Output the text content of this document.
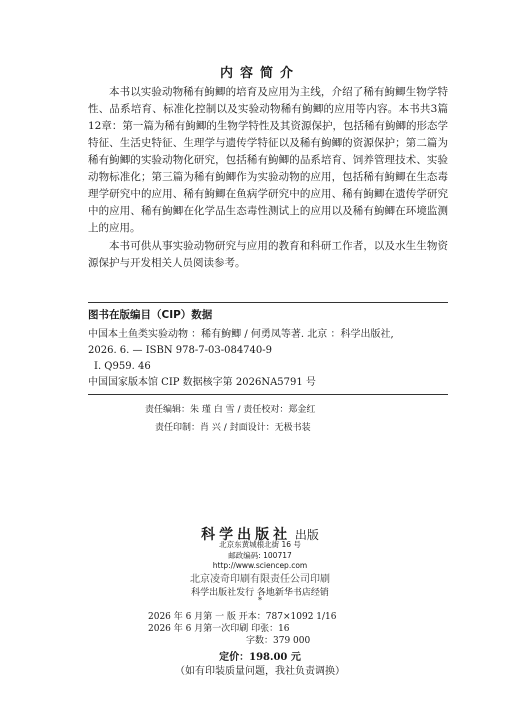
内容简介

本书以实验动物稀有鮈鲫的培育及应用为主线，介绍了稀有鮈鲫生物学特性、品系培育、标准化控制以及实验动物稀有鮈鲫的应用等内容。本书共3篇12章：第一篇为稀有鮈鲫的生物学特性及其资源保护，包括稀有鮈鲫的形态学特征、生活史特征、生理学与遗传学特征以及稀有鮈鲫的资源保护；第二篇为稀有鮈鲫的实验动物化研究，包括稀有鮈鲫的品系培育、饲养管理技术、实验动物标准化；第三篇为稀有鮈鲫作为实验动物的应用，包括稀有鮈鲫在生态毒理学研究中的应用、稀有鮈鲫在鱼病学研究中的应用、稀有鮈鲫在遗传学研究中的应用、稀有鮈鲫在化学品生态毒性测试上的应用以及稀有鮈鲫在环境监测上的应用。

本书可供从事实验动物研究与应用的教育和科研工作者，以及水生生物资源保护与开发相关人员阅读参考。

图书在版编目（CIP）数据
中国本土鱼类实验动物 ：稀有鮈鲫 / 何勇凤等著. 北京 ：科学出版社,
2026. 6. — ISBN 978-7-03-084740-9
Ⅰ. Q959. 46
中国国家版本馆 CIP 数据核字第 2026NA5791 号
责任编辑：朱 瑾 白 雪 / 责任校对：郑金红
责任印制：肖 兴 / 封面设计：无极书装
科学出版社 出版
北京东黄城根北街 16 号
邮政编码: 100717
http://www.sciencep.com
北京凌奇印刷有限责任公司印刷
科学出版社发行 各地新华书店经销
*
2026 年 6 月第 一 版 开本：787×1092 1/16
2026 年 6 月第一次印刷 印张：16
字数：379 000
定价：198.00 元
（如有印装质量问题，我社负责调换）
